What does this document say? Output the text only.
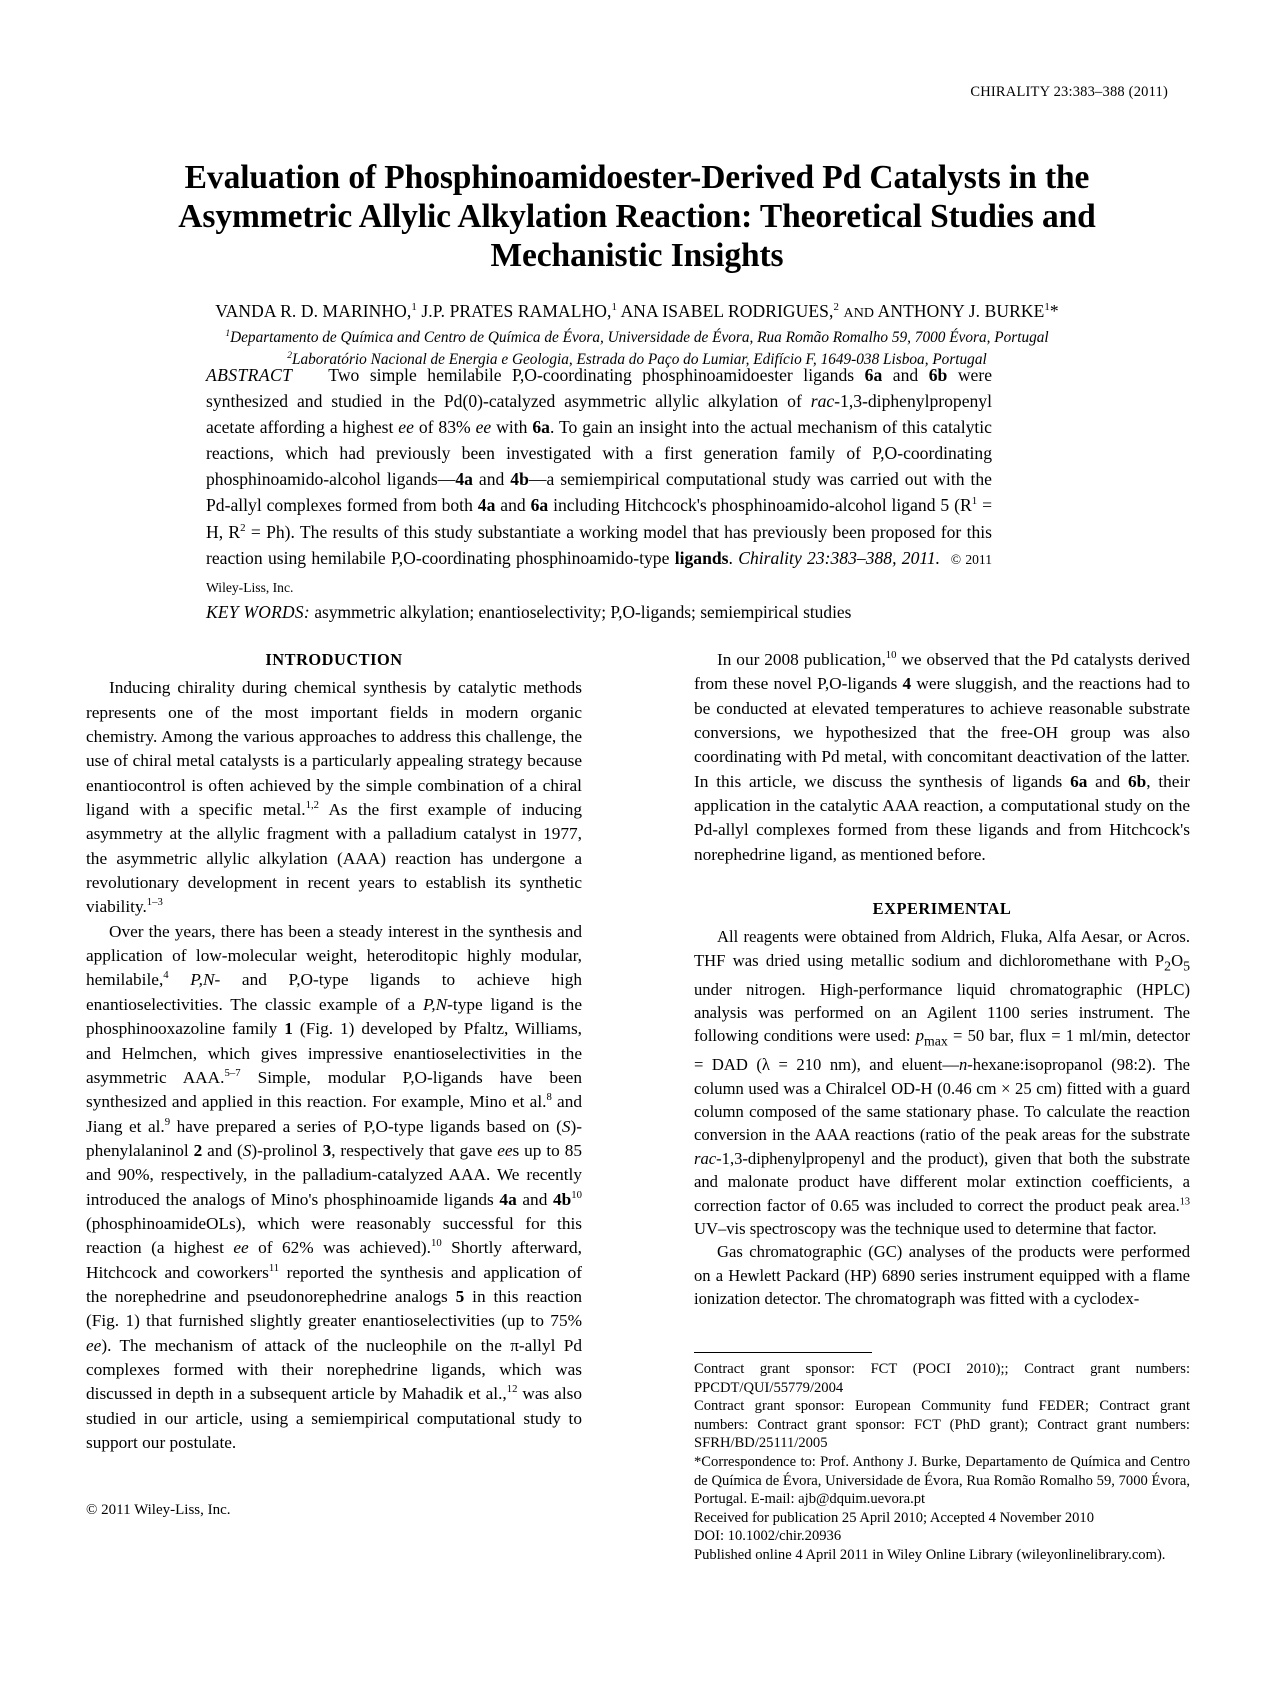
CHIRALITY 23:383–388 (2011)
Evaluation of Phosphinoamidoester-Derived Pd Catalysts in the Asymmetric Allylic Alkylation Reaction: Theoretical Studies and Mechanistic Insights
VANDA R. D. MARINHO,$^1$ J.P. PRATES RAMALHO,$^1$ ANA ISABEL RODRIGUES,$^2$ AND ANTHONY J. BURKE$^1$*
$^1$Departamento de Química and Centro de Química de Évora, Universidade de Évora, Rua Romão Romalho 59, 7000 Évora, Portugal
$^2$Laboratório Nacional de Energia e Geologia, Estrada do Paço do Lumiar, Edifício F, 1649-038 Lisboa, Portugal
ABSTRACT Two simple hemilabile P,O-coordinating phosphinoamidoester ligands 6a and 6b were synthesized and studied in the Pd(0)-catalyzed asymmetric allylic alkylation of rac-1,3-diphenylpropenyl acetate affording a highest ee of 83% ee with 6a. To gain an insight into the actual mechanism of this catalytic reactions, which had previously been investigated with a first generation family of P,O-coordinating phosphinoamido-alcohol ligands—4a and 4b—a semiempirical computational study was carried out with the Pd-allyl complexes formed from both 4a and 6a including Hitchcock's phosphinoamido-alcohol ligand 5 ($R^1 = H$, $R^2 = Ph$). The results of this study substantiate a working model that has previously been proposed for this reaction using hemilabile P,O-coordinating phosphinoamido-type ligands. Chirality 23:383–388, 2011. © 2011 Wiley-Liss, Inc.
KEY WORDS: asymmetric alkylation; enantioselectivity; P,O-ligands; semiempirical studies
INTRODUCTION

Inducing chirality during chemical synthesis by catalytic methods represents one of the most important fields in modern organic chemistry. Among the various approaches to address this challenge, the use of chiral metal catalysts is a particularly appealing strategy because enantiocontrol is often achieved by the simple combination of a chiral ligand with a specific metal.$^{1,2}$ As the first example of inducing asymmetry at the allylic fragment with a palladium catalyst in 1977, the asymmetric allylic alkylation (AAA) reaction has undergone a revolutionary development in recent years to establish its synthetic viability.$^{1-3}$

Over the years, there has been a steady interest in the synthesis and application of low-molecular weight, heteroditopic highly modular, hemilabile,$^4$ P,N- and P,O-type ligands to achieve high enantioselectivities. The classic example of a P,N-type ligand is the phosphinooxazoline family 1 (Fig. 1) developed by Pfaltz, Williams, and Helmchen, which gives impressive enantioselectivities in the asymmetric AAA.$^{5-7}$ Simple, modular P,O-ligands have been synthesized and applied in this reaction. For example, Mino et al.$^8$ and Jiang et al.$^9$ have prepared a series of P,O-type ligands based on (S)-phenylalaninol 2 and (S)-prolinol 3, respectively that gave ees up to 85 and 90%, respectively, in the palladium-catalyzed AAA. We recently introduced the analogs of Mino's phosphinoamide ligands 4a and $4b^{10}$ (phosphinoamideOLs), which were reasonably successful for this reaction (a highest ee of 62% was achieved).$^{10}$ Shortly afterward, Hitchcock and coworkers$^{11}$ reported the synthesis and application of the norephedrine and pseudonorephedrine analogs 5 in this reaction (Fig. 1) that furnished slightly greater enantioselectivities (up to 75% ee). The mechanism of attack of the nucleophile on the π-allyl Pd complexes formed with their norephedrine ligands, which was discussed in depth in a subsequent article by Mahadik et al.,$^{12}$ was also studied in our article, using a semiempirical computational study to support our postulate.

In our 2008 publication,$^{10}$ we observed that the Pd catalysts derived from these novel P,O-ligands 4 were sluggish, and the reactions had to be conducted at elevated temperatures to achieve reasonable substrate conversions, we hypothesized that the free-OH group was also coordinating with Pd metal, with concomitant deactivation of the latter. In this article, we discuss the synthesis of ligands 6a and 6b, their application in the catalytic AAA reaction, a computational study on the Pd-allyl complexes formed from these ligands and from Hitchcock's norephedrine ligand, as mentioned before.

EXPERIMENTAL

All reagents were obtained from Aldrich, Fluka, Alfa Aesar, or Acros. THF was dried using metallic sodium and dichloromethane with $P_2O_5$ under nitrogen. High-performance liquid chromatographic (HPLC) analysis was performed on an Agilent 1100 series instrument. The following conditions were used: $p_{max} = 50$ bar, flux = 1 ml/min, detector = DAD (λ = 210 nm), and eluent—n-hexane:isopropanol (98:2). The column used was a Chiralcel OD-H (0.46 cm × 25 cm) fitted with a guard column composed of the same stationary phase. To calculate the reaction conversion in the AAA reactions (ratio of the peak areas for the substrate rac-1,3-diphenylpropenyl and the product), given that both the substrate and malonate product have different molar extinction coefficients, a correction factor of 0.65 was included to correct the product peak area.$^{13}$ UV–vis spectroscopy was the technique used to determine that factor.

Gas chromatographic (GC) analyses of the products were performed on a Hewlett Packard (HP) 6890 series instrument equipped with a flame ionization detector. The chromatograph was fitted with a cyclodex-

Contract grant sponsor: FCT (POCI 2010);; Contract grant numbers: PPCDT/QUI/55779/2004

Contract grant sponsor: European Community fund FEDER; Contract grant numbers: Contract grant sponsor: FCT (PhD grant); Contract grant numbers: SFRH/BD/25111/2005

*Correspondence to: Prof. Anthony J. Burke, Departamento de Química and Centro de Química de Évora, Universidade de Évora, Rua Romão Romalho 59, 7000 Évora, Portugal. E-mail: ajb@dquim.uevora.pt

Received for publication 25 April 2010; Accepted 4 November 2010

DOI: 10.1002/chir.20936

Published online 4 April 2011 in Wiley Online Library (wileyonlinelibrary.com).

© 2011 Wiley-Liss, Inc.
